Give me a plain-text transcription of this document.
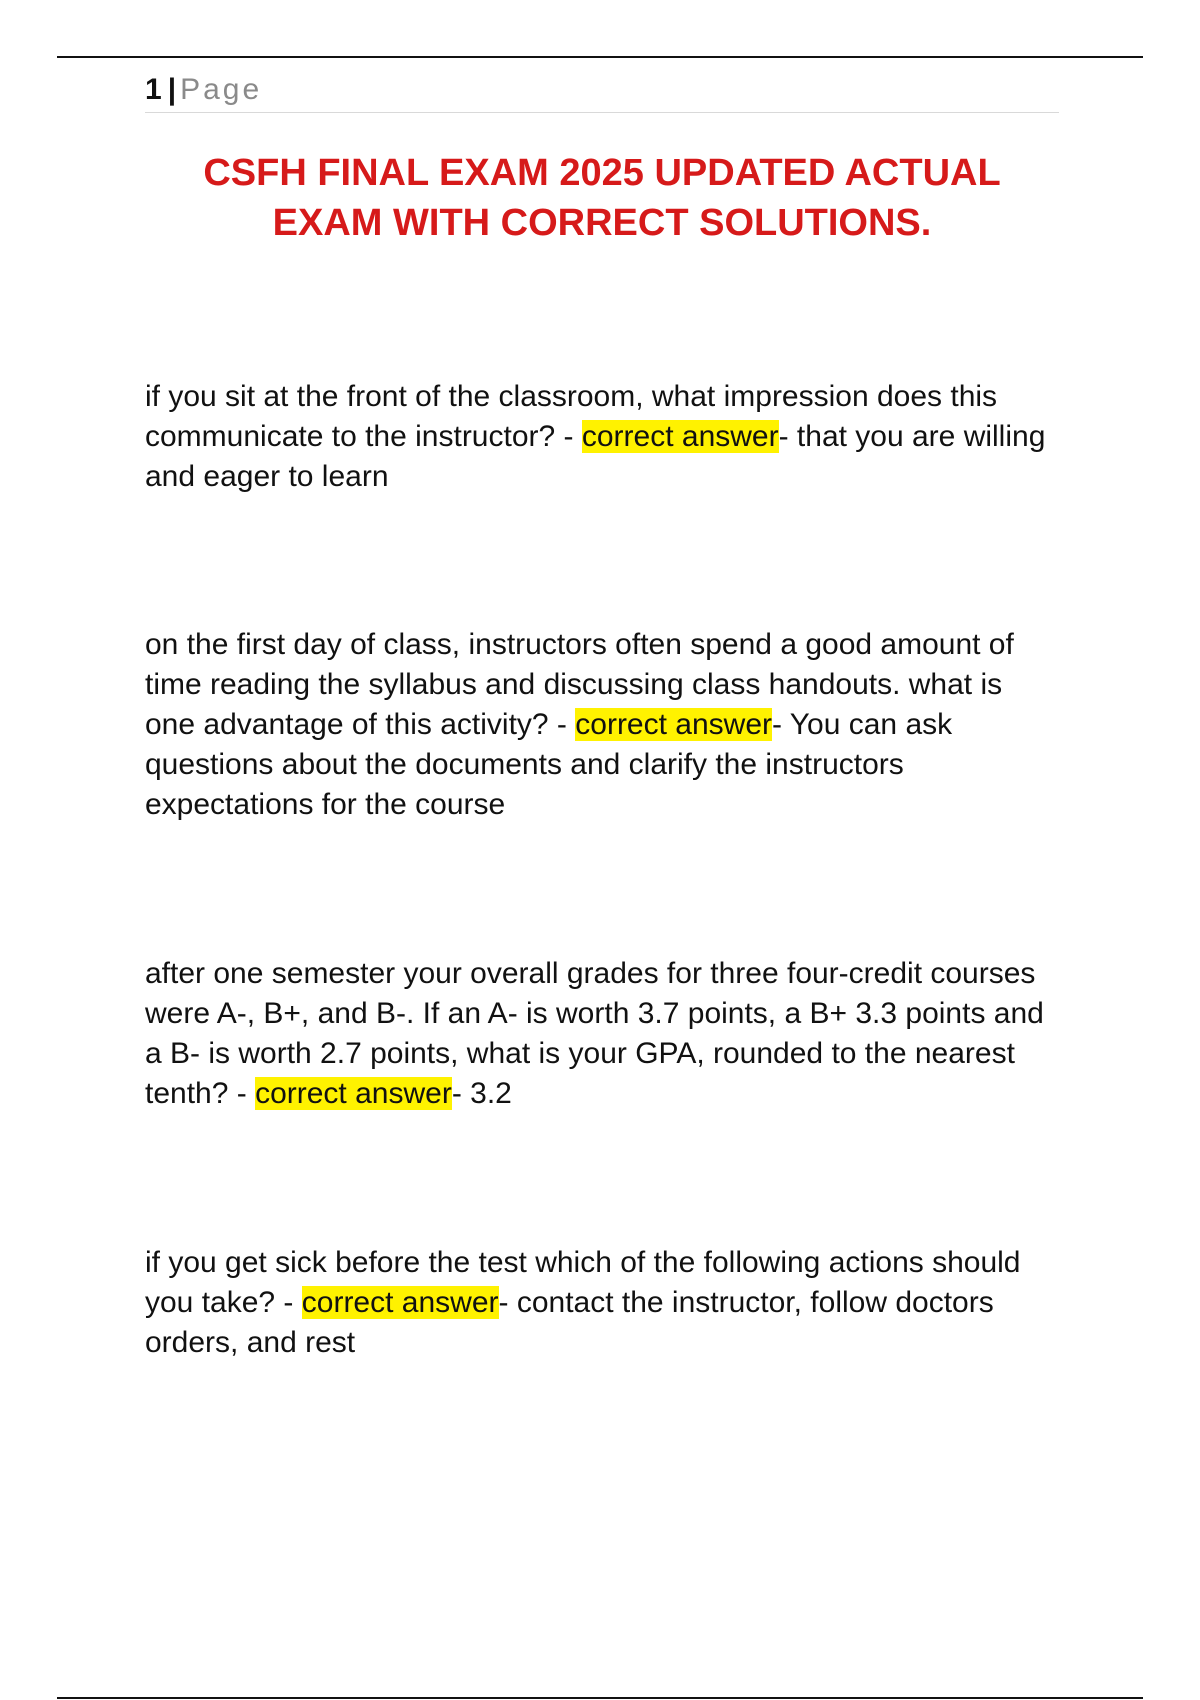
1 | Page
CSFH FINAL EXAM 2025 UPDATED ACTUAL EXAM WITH CORRECT SOLUTIONS.

if you sit at the front of the classroom, what impression does this communicate to the instructor? - correct answer- that you are willing and eager to learn

on the first day of class, instructors often spend a good amount of time reading the syllabus and discussing class handouts. what is one advantage of this activity? - correct answer- You can ask questions about the documents and clarify the instructors expectations for the course

after one semester your overall grades for three four-credit courses were A-, B+, and B-. If an A- is worth 3.7 points, a B+ 3.3 points and a B- is worth 2.7 points, what is your GPA, rounded to the nearest tenth? - correct answer- 3.2

if you get sick before the test which of the following actions should you take? - correct answer- contact the instructor, follow doctors orders, and rest
